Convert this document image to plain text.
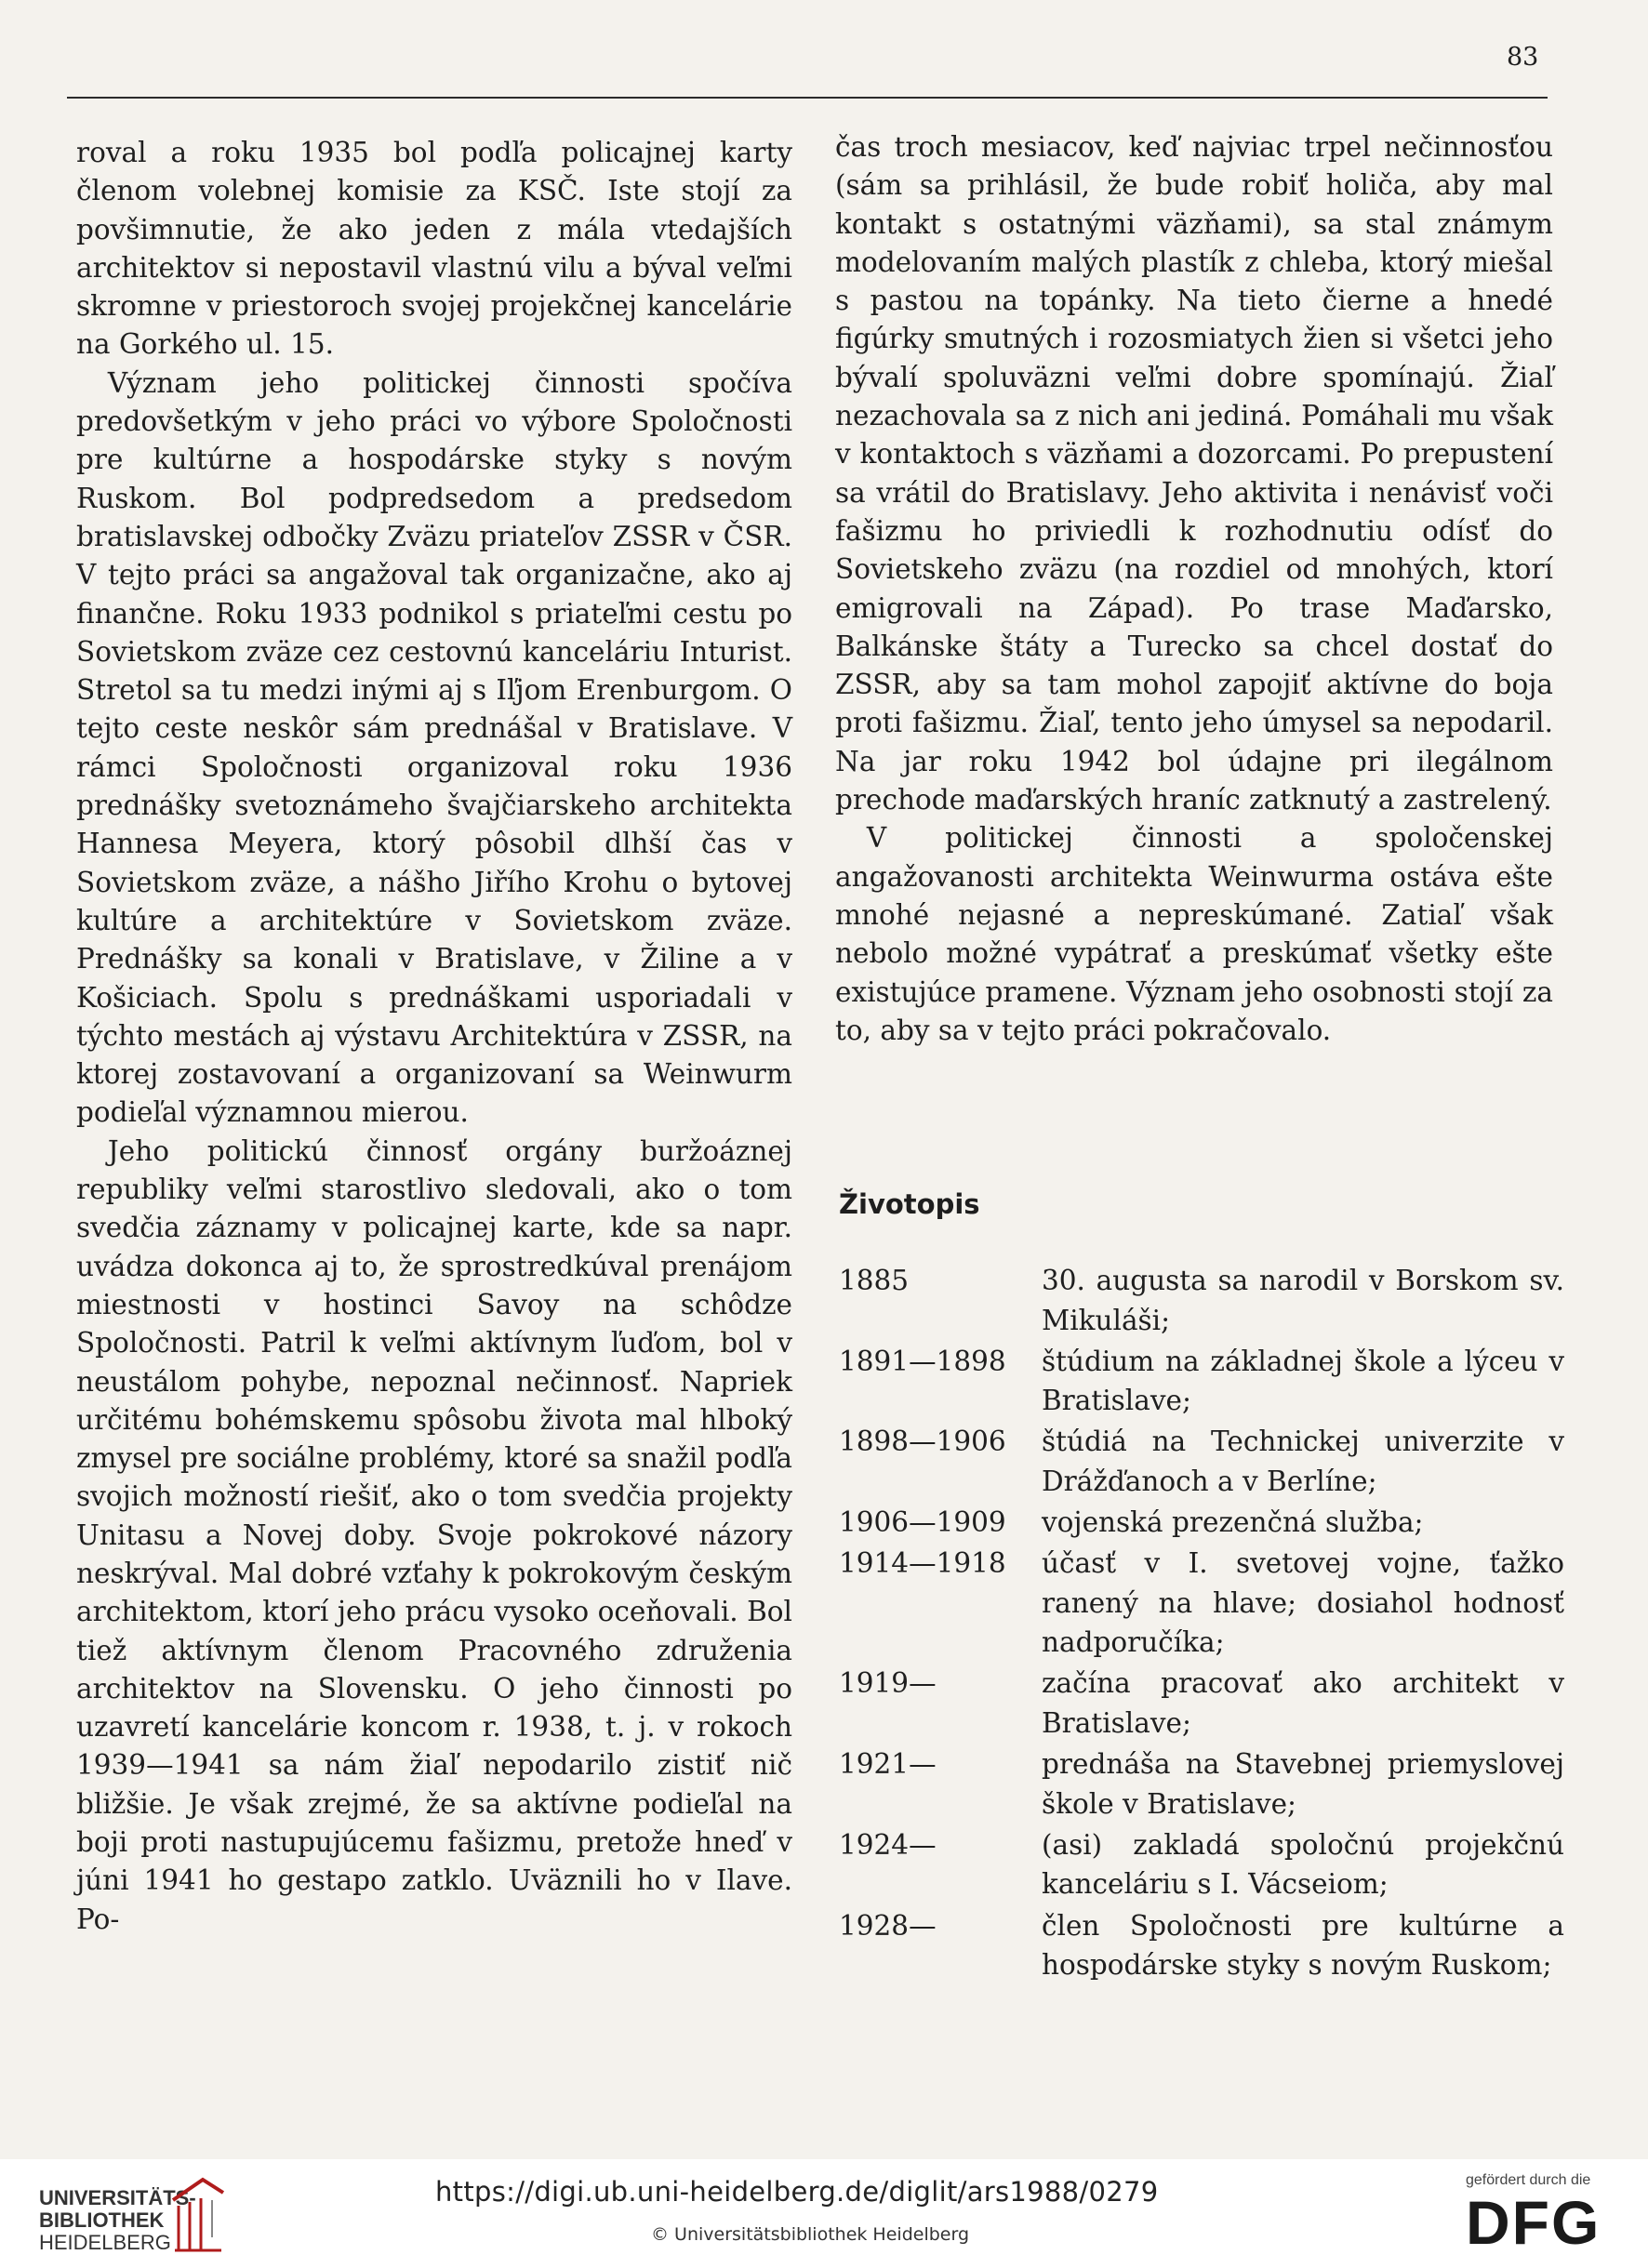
83

roval a roku 1935 bol podľa policajnej karty členom volebnej komisie za KSČ. Iste stojí za povšimnutie, že ako jeden z mála vtedajších architektov si nepostavil vlastnú vilu a býval veľmi skromne v priestoroch svojej projekčnej kancelárie na Gorkého ul. 15.

Význam jeho politickej činnosti spočíva predovšetkým v jeho práci vo výbore Spoločnosti pre kultúrne a hospodárske styky s novým Ruskom. Bol podpredsedom a predsedom bratislavskej odbočky Zväzu priateľov ZSSR v ČSR. V tejto práci sa angažoval tak organizačne, ako aj finančne. Roku 1933 podnikol s priateľmi cestu po Sovietskom zväze cez cestovnú kanceláriu Inturist. Stretol sa tu medzi inými aj s Iľjom Erenburgom. O tejto ceste neskôr sám prednášal v Bratislave. V rámci Spoločnosti organizoval roku 1936 prednášky svetoznámeho švajčiarskeho architekta Hannesa Meyera, ktorý pôsobil dlhší čas v Sovietskom zväze, a nášho Jiřího Krohu o bytovej kultúre a architektúre v Sovietskom zväze. Prednášky sa konali v Bratislave, v Žiline a v Košiciach. Spolu s prednáškami usporiadali v týchto mestách aj výstavu Architektúra v ZSSR, na ktorej zostavovaní a organizovaní sa Weinwurm podieľal významnou mierou.

Jeho politickú činnosť orgány buržoáznej republiky veľmi starostlivo sledovali, ako o tom svedčia záznamy v policajnej karte, kde sa napr. uvádza dokonca aj to, že sprostredkúval prenájom miestnosti v hostinci Savoy na schôdze Spoločnosti. Patril k veľmi aktívnym ľuďom, bol v neustálom pohybe, nepoznal nečinnosť. Napriek určitému bohémskemu spôsobu života mal hlboký zmysel pre sociálne problémy, ktoré sa snažil podľa svojich možností riešiť, ako o tom svedčia projekty Unitasu a Novej doby. Svoje pokrokové názory neskrýval. Mal dobré vzťahy k pokrokovým českým architektom, ktorí jeho prácu vysoko oceňovali. Bol tiež aktívnym členom Pracovného združenia architektov na Slovensku. O jeho činnosti po uzavretí kancelárie koncom r. 1938, t. j. v rokoch 1939—1941 sa nám žiaľ nepodarilo zistiť nič bližšie. Je však zrejmé, že sa aktívne podieľal na boji proti nastupujúcemu fašizmu, pretože hneď v júni 1941 ho gestapo zatklo. Uväznili ho v Ilave. Po-

čas troch mesiacov, keď najviac trpel nečinnosťou (sám sa prihlásil, že bude robiť holiča, aby mal kontakt s ostatnými väzňami), sa stal známym modelovaním malých plastík z chleba, ktorý miešal s pastou na topánky. Na tieto čierne a hnedé figúrky smutných i rozosmiatych žien si všetci jeho bývalí spoluväzni veľmi dobre spomínajú. Žiaľ nezachovala sa z nich ani jediná. Pomáhali mu však v kontaktoch s väzňami a dozorcami. Po prepustení sa vrátil do Bratislavy. Jeho aktivita i nenávisť voči fašizmu ho priviedli k rozhodnutiu odísť do Sovietskeho zväzu (na rozdiel od mnohých, ktorí emigrovali na Západ). Po trase Maďarsko, Balkánske štáty a Turecko sa chcel dostať do ZSSR, aby sa tam mohol zapojiť aktívne do boja proti fašizmu. Žiaľ, tento jeho úmysel sa nepodaril. Na jar roku 1942 bol údajne pri ilegálnom prechode maďarských hraníc zatknutý a zastrelený.

V politickej činnosti a spoločenskej angažovanosti architekta Weinwurma ostáva ešte mnohé nejasné a nepreskúmané. Zatiaľ však nebolo možné vypátrať a preskúmať všetky ešte existujúce pramene. Význam jeho osobnosti stojí za to, aby sa v tejto práci pokračovalo.

Životopis
1885	30. augusta sa narodil v Borskom sv. Mikuláši;
1891—1898	štúdium na základnej škole a lýceu v Bratislave;
1898—1906	štúdiá na Technickej univerzite v Drážďanoch a v Berlíne;
1906—1909	vojenská prezenčná služba;
1914—1918	účasť v I. svetovej vojne, ťažko ranený na hlave; dosiahol hodnosť nadporučíka;
1919—	začína pracovať ako architekt v Bratislave;
1921—	prednáša na Stavebnej priemyslovej škole v Bratislave;
1924—	(asi) zakladá spoločnú projekčnú kanceláriu s I. Vácseiom;
1928—	člen Spoločnosti pre kultúrne a hospodárske styky s novým Ruskom;
UNIVERSITÄTS-
BIBLIOTHEK
HEIDELBERG
https://digi.ub.uni-heidelberg.de/diglit/ars1988/0279
© Universitätsbibliothek Heidelberg
gefördert durch die
DFG
